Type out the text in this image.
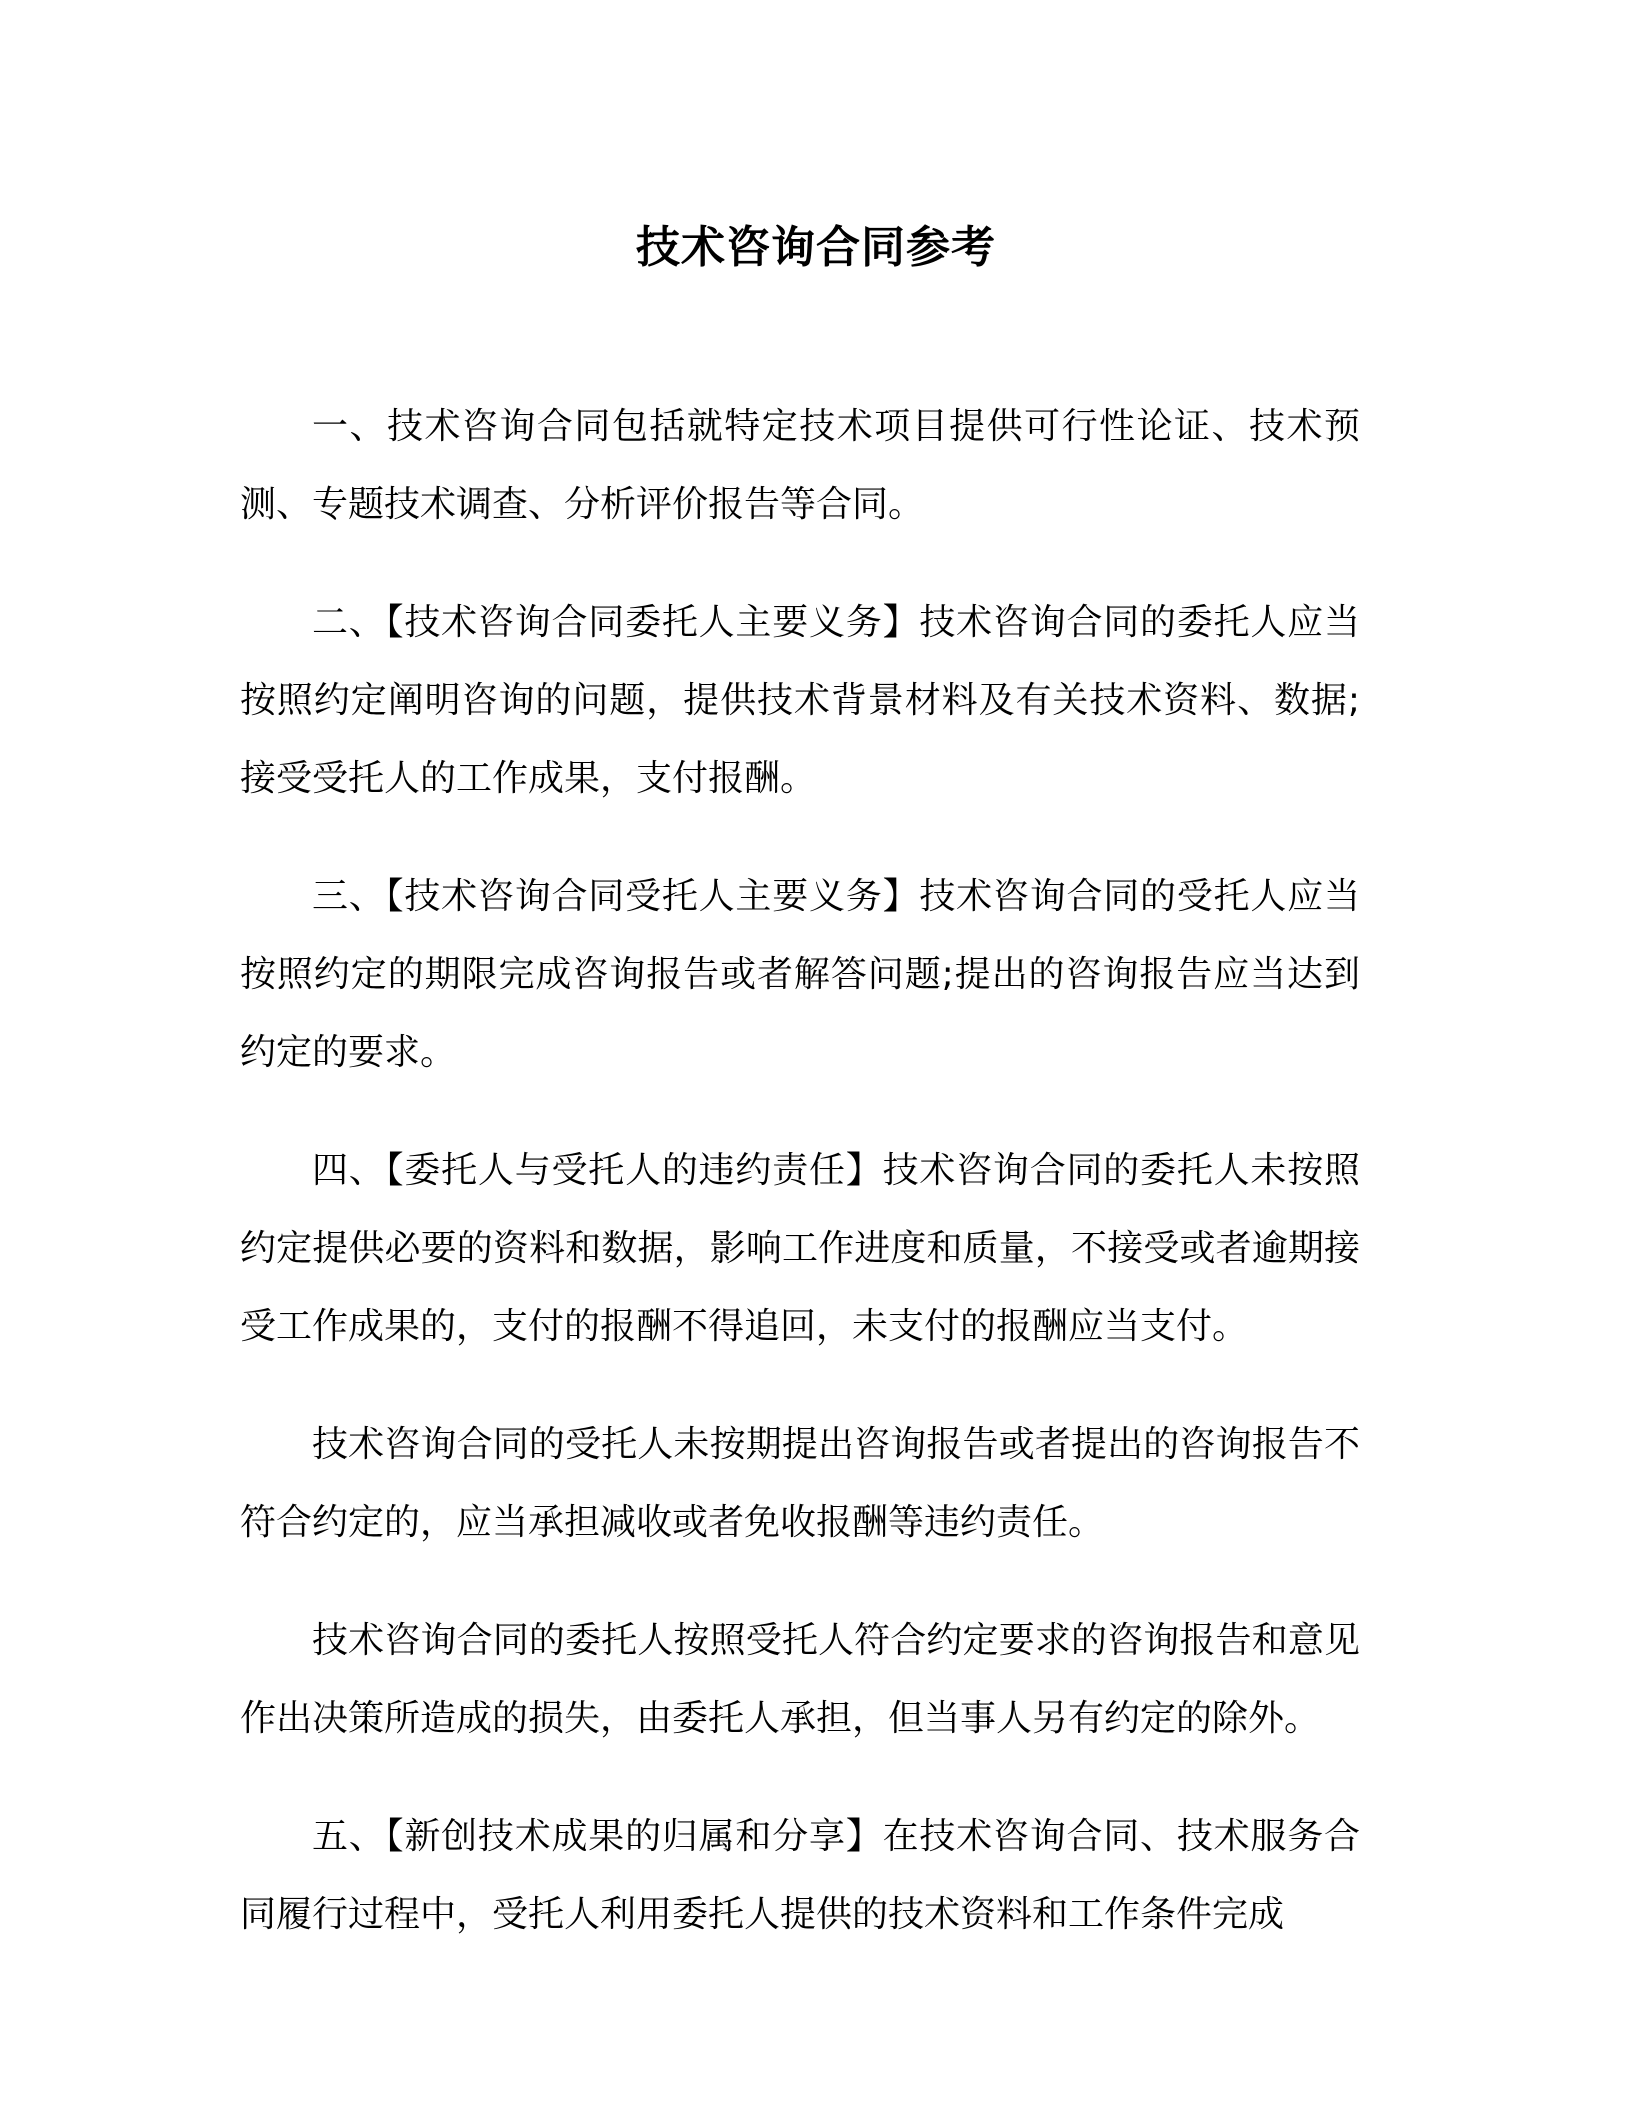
技术咨询合同参考

一、技术咨询合同包括就特定技术项目提供可行性论证、技术预测、专题技术调查、分析评价报告等合同。

二、【技术咨询合同委托人主要义务】技术咨询合同的委托人应当按照约定阐明咨询的问题，提供技术背景材料及有关技术资料、数据;接受受托人的工作成果，支付报酬。

三、【技术咨询合同受托人主要义务】技术咨询合同的受托人应当按照约定的期限完成咨询报告或者解答问题;提出的咨询报告应当达到约定的要求。

四、【委托人与受托人的违约责任】技术咨询合同的委托人未按照约定提供必要的资料和数据，影响工作进度和质量，不接受或者逾期接受工作成果的，支付的报酬不得追回，未支付的报酬应当支付。

技术咨询合同的受托人未按期提出咨询报告或者提出的咨询报告不符合约定的，应当承担减收或者免收报酬等违约责任。

技术咨询合同的委托人按照受托人符合约定要求的咨询报告和意见作出决策所造成的损失，由委托人承担，但当事人另有约定的除外。

五、【新创技术成果的归属和分享】在技术咨询合同、技术服务合同履行过程中，受托人利用委托人提供的技术资料和工作条件完成
